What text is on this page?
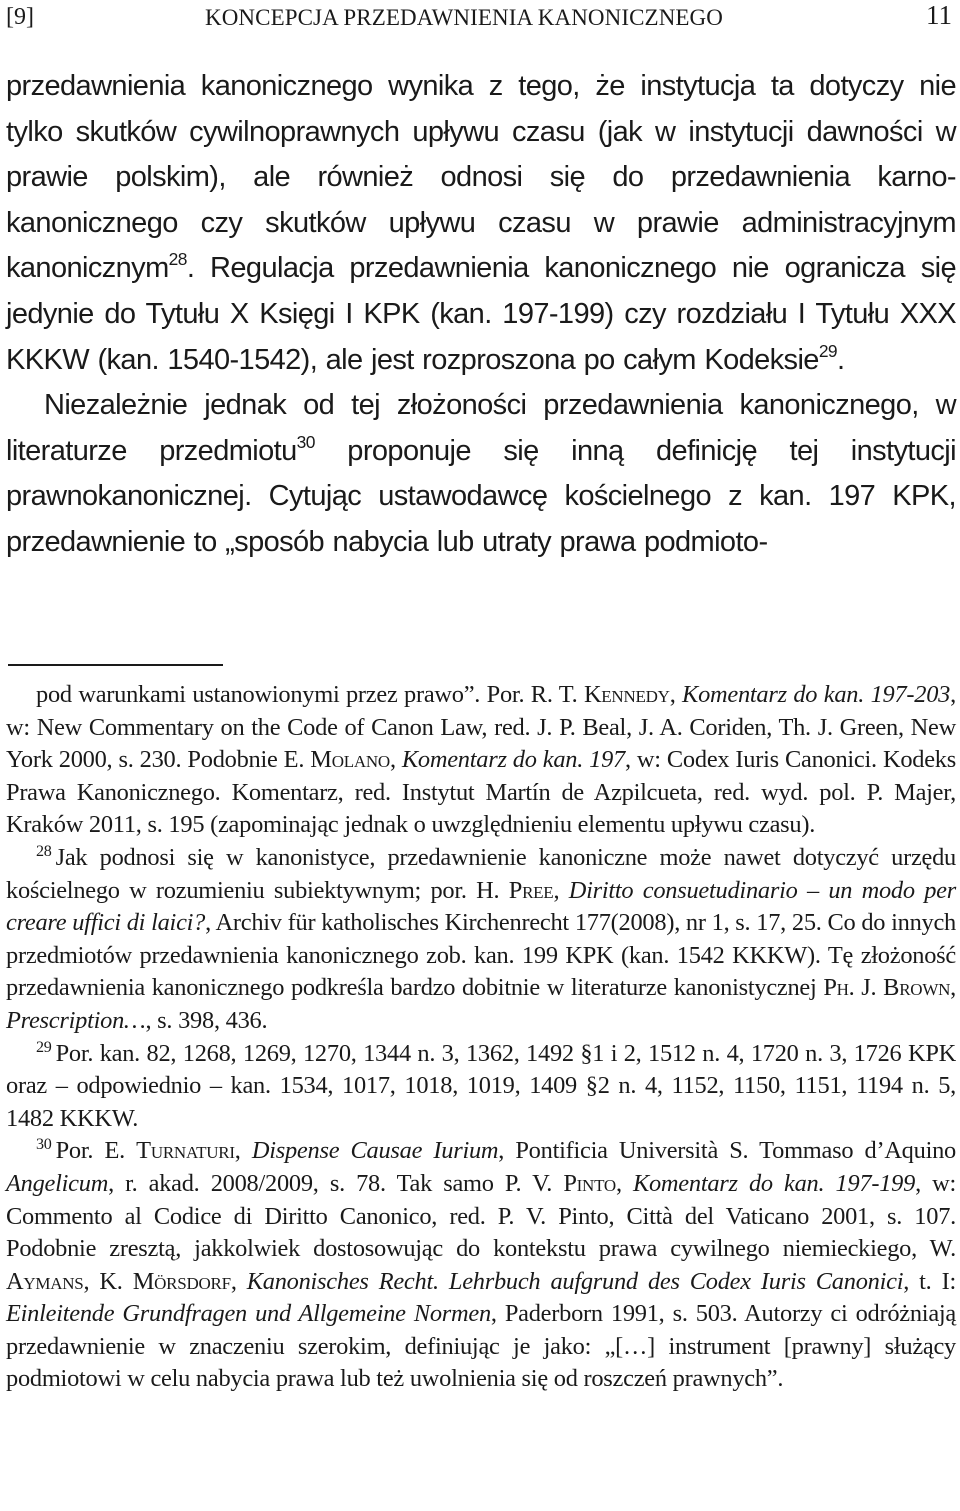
[9]	KONCEPCJA PRZEDAWNIENIA KANONICZNEGO	11

przedawnienia kanonicznego wynika z tego, że instytucja ta dotyczy nie tylko skutków cywilnoprawnych upływu czasu (jak w instytucji dawności w prawie polskim), ale również odnosi się do przedawnienia karno-kanonicznego czy skutków upływu czasu w prawie administracyjnym kanonicznym$^{28}$. Regulacja przedawnienia kanonicznego nie ogranicza się jedynie do Tytułu X Księgi I KPK (kan. 197-199) czy rozdziału I Tytułu XXX KKKW (kan. 1540-1542), ale jest rozproszona po całym Kodeksie$^{29}$.

Niezależnie jednak od tej złożoności przedawnienia kanonicznego, w literaturze przedmiotu$^{30}$ proponuje się inną definicję tej instytucji prawnokanonicznej. Cytując ustawodawcę kościelnego z kan. 197 KPK, przedawnienie to „sposób nabycia lub utraty prawa podmioto-

pod warunkami ustanowionymi przez prawo”. Por. R. T. Kennedy, Komentarz do kan. 197-203, w: New Commentary on the Code of Canon Law, red. J. P. Beal, J. A. Coriden, Th. J. Green, New York 2000, s. 230. Podobnie E. Molano, Komentarz do kan. 197, w: Codex Iuris Canonici. Kodeks Prawa Kanonicznego. Komentarz, red. Instytut Martín de Azpilcueta, red. wyd. pol. P. Majer, Kraków 2011, s. 195 (zapominając jednak o uwzględnieniu elementu upływu czasu).

$^{28}$ Jak podnosi się w kanonistyce, przedawnienie kanoniczne może nawet dotyczyć urzędu kościelnego w rozumieniu subiektywnym; por. H. Pree, Diritto consuetudinario – un modo per creare uffici di laici?, Archiv für katholisches Kirchenrecht 177(2008), nr 1, s. 17, 25. Co do innych przedmiotów przedawnienia kanonicznego zob. kan. 199 KPK (kan. 1542 KKKW). Tę złożoność przedawnienia kanonicznego podkreśla bardzo dobitnie w literaturze kanonistycznej Ph. J. Brown, Prescription…, s. 398, 436.

$^{29}$ Por. kan. 82, 1268, 1269, 1270, 1344 n. 3, 1362, 1492 §1 i 2, 1512 n. 4, 1720 n. 3, 1726 KPK oraz – odpowiednio – kan. 1534, 1017, 1018, 1019, 1409 §2 n. 4, 1152, 1150, 1151, 1194 n. 5, 1482 KKKW.

$^{30}$ Por. E. Turnaturi, Dispense Causae Iurium, Pontificia Università S. Tommaso d’Aquino Angelicum, r. akad. 2008/2009, s. 78. Tak samo P. V. Pinto, Komentarz do kan. 197-199, w: Commento al Codice di Diritto Canonico, red. P. V. Pinto, Città del Vaticano 2001, s. 107. Podobnie zresztą, jakkolwiek dostosowując do kontekstu prawa cywilnego niemieckiego, W. Aymans, K. Mörsdorf, Kanonisches Recht. Lehrbuch aufgrund des Codex Iuris Canonici, t. I: Einleitende Grundfragen und Allgemeine Normen, Paderborn 1991, s. 503. Autorzy ci odróżniają przedawnienie w znaczeniu szerokim, definiując je jako: „[…] instrument [prawny] służący podmiotowi w celu nabycia prawa lub też uwolnienia się od roszczeń prawnych”.
